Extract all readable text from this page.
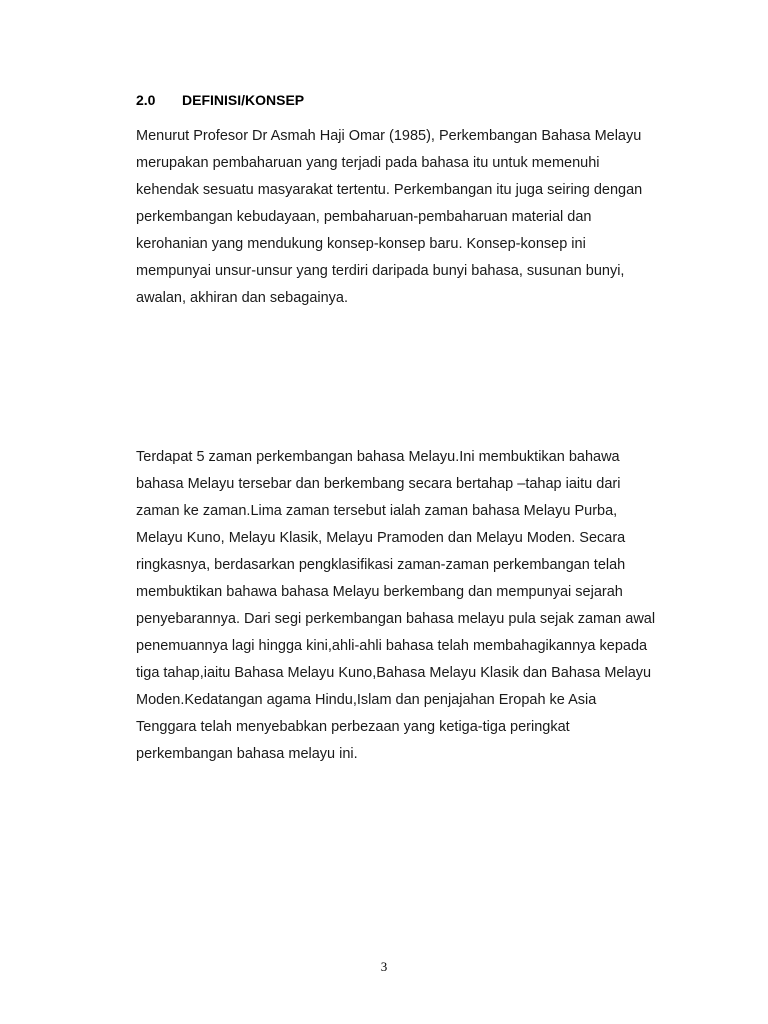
2.0 DEFINISI/KONSEP

Menurut Profesor Dr Asmah Haji Omar (1985), Perkembangan Bahasa Melayu
merupakan pembaharuan yang terjadi pada bahasa itu untuk memenuhi
kehendak sesuatu masyarakat tertentu. Perkembangan itu juga seiring dengan
perkembangan kebudayaan, pembaharuan-pembaharuan material dan
kerohanian yang mendukung konsep-konsep baru. Konsep-konsep ini
mempunyai unsur-unsur yang terdiri daripada bunyi bahasa, susunan bunyi,
awalan, akhiran dan sebagainya.

Terdapat 5 zaman perkembangan bahasa Melayu.Ini membuktikan bahawa
bahasa Melayu tersebar dan berkembang secara bertahap –tahap iaitu dari
zaman ke zaman.Lima zaman tersebut ialah zaman bahasa Melayu Purba,
Melayu Kuno, Melayu Klasik, Melayu Pramoden dan Melayu Moden. Secara
ringkasnya, berdasarkan pengklasifikasi zaman-zaman perkembangan telah
membuktikan bahawa bahasa Melayu berkembang dan mempunyai sejarah
penyebarannya. Dari segi perkembangan bahasa melayu pula sejak zaman awal
penemuannya lagi hingga kini,ahli-ahli bahasa telah membahagikannya kepada
tiga tahap,iaitu Bahasa Melayu Kuno,Bahasa Melayu Klasik dan Bahasa Melayu
Moden.Kedatangan agama Hindu,Islam dan penjajahan Eropah ke Asia
Tenggara telah menyebabkan perbezaan yang ketiga-tiga peringkat
perkembangan bahasa melayu ini.

3
